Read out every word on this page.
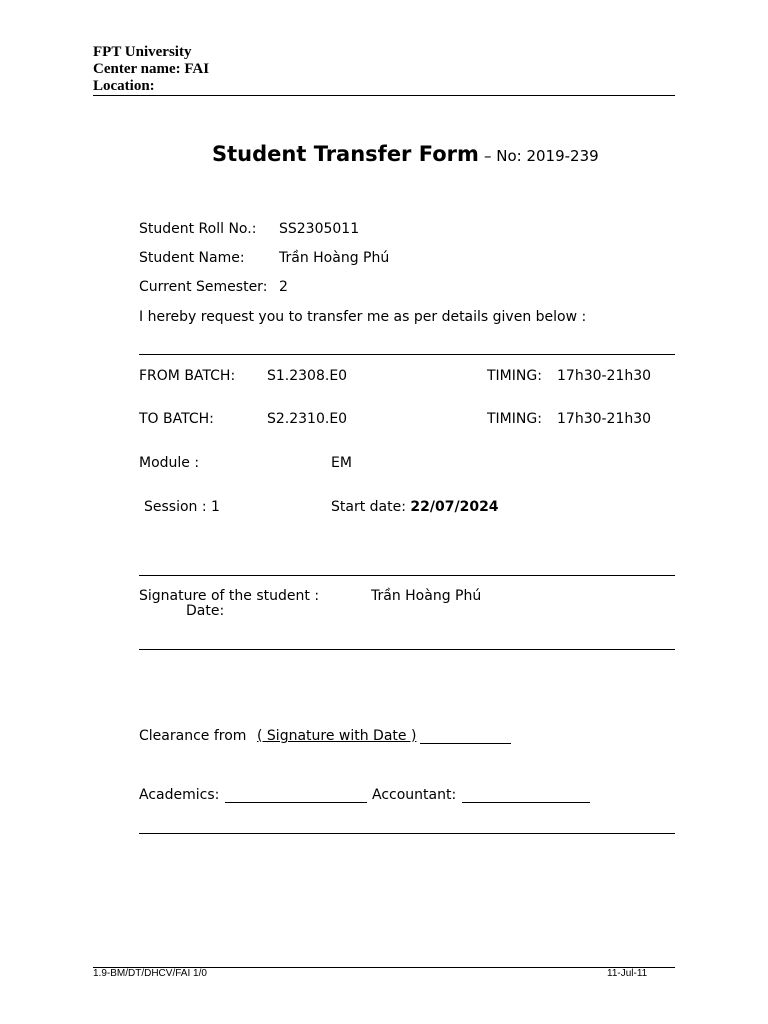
FPT University
Center name: FAI
Location:
Student Transfer Form – No: 2019-239
Student Roll No.: SS2305011
Student Name: Trần Hoàng Phú
Current Semester: 2
I hereby request you to transfer me as per details given below :
FROM BATCH: S1.2308.E0	TIMING: 17h30-21h30
TO BATCH:	S2.2310.E0	TIMING: 17h30-21h30
Module :	EM
Session : 1	Start date: 22/07/2024
Signature of the student :	Trần Hoàng Phú
Date:
Clearance from ( Signature with Date )
Academics:	Accountant:
1.9-BM/DT/DHCV/FAI 1/0	11-Jul-11
